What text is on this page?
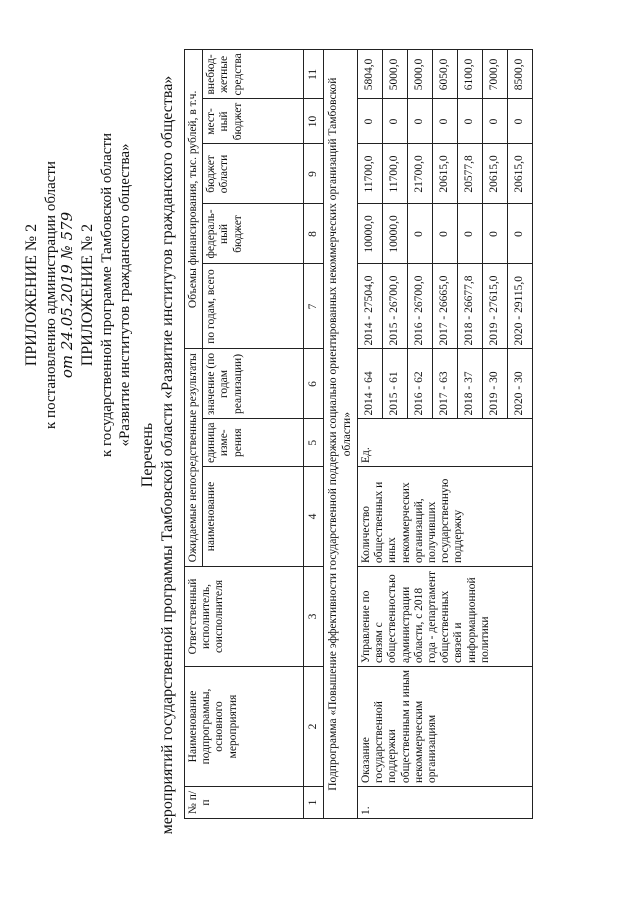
ПРИЛОЖЕНИЕ № 2 к постановлению администрации области от 24.05.2019 № 579 ПРИЛОЖЕНИЕ № 2 к государственной программе Тамбовской области «Развитие институтов гражданского общества»
Перечень мероприятий государственной программы Тамбовской области «Развитие институтов гражданского общества» № п/п	Наименование подпрограммы, основного мероприятия	Ответственный исполнитель, соисполнителя	Ожидаемые непосредственные результаты			Объемы финансирования, тыс. рублей, в т.ч.				
			наименование	единица изме-рения	значение (по годам реализации)	по годам, всего	федераль-ный бюджет	бюджет области	мест-ный бюджет	внебюд-жетные средства
1	2	3	4	5	6	7	8	9	10	11
Подпрограмма «Повышение эффективности государственной поддержки социально ориентированных некоммерческих организаций Тамбовской области»										
1.	Оказание государственной поддержки общественным и иным некоммерческим организациям	Управление по связям с общественностью администрации области, с 2018 года - департамент общественных связей и информационной политики	Количество общественных и иных некоммерческих организаций, получивших государственную поддержку	Ед.	2014 - 64	2014 - 27504,0	10000,0	11700,0	0	5804,0
					2015 - 61	2015 - 26700,0	10000,0	11700,0	0	5000,0
					2016 - 62	2016 - 26700,0	0	21700,0	0	5000,0
					2017 - 63	2017 - 26665,0	0	20615,0	0	6050,0
					2018 - 37	2018 - 26677,8	0	20577,8	0	6100,0
					2019 - 30	2019 - 27615,0	0	20615,0	0	7000,0
					2020 - 30	2020 - 29115,0	0	20615,0	0	8500,0
